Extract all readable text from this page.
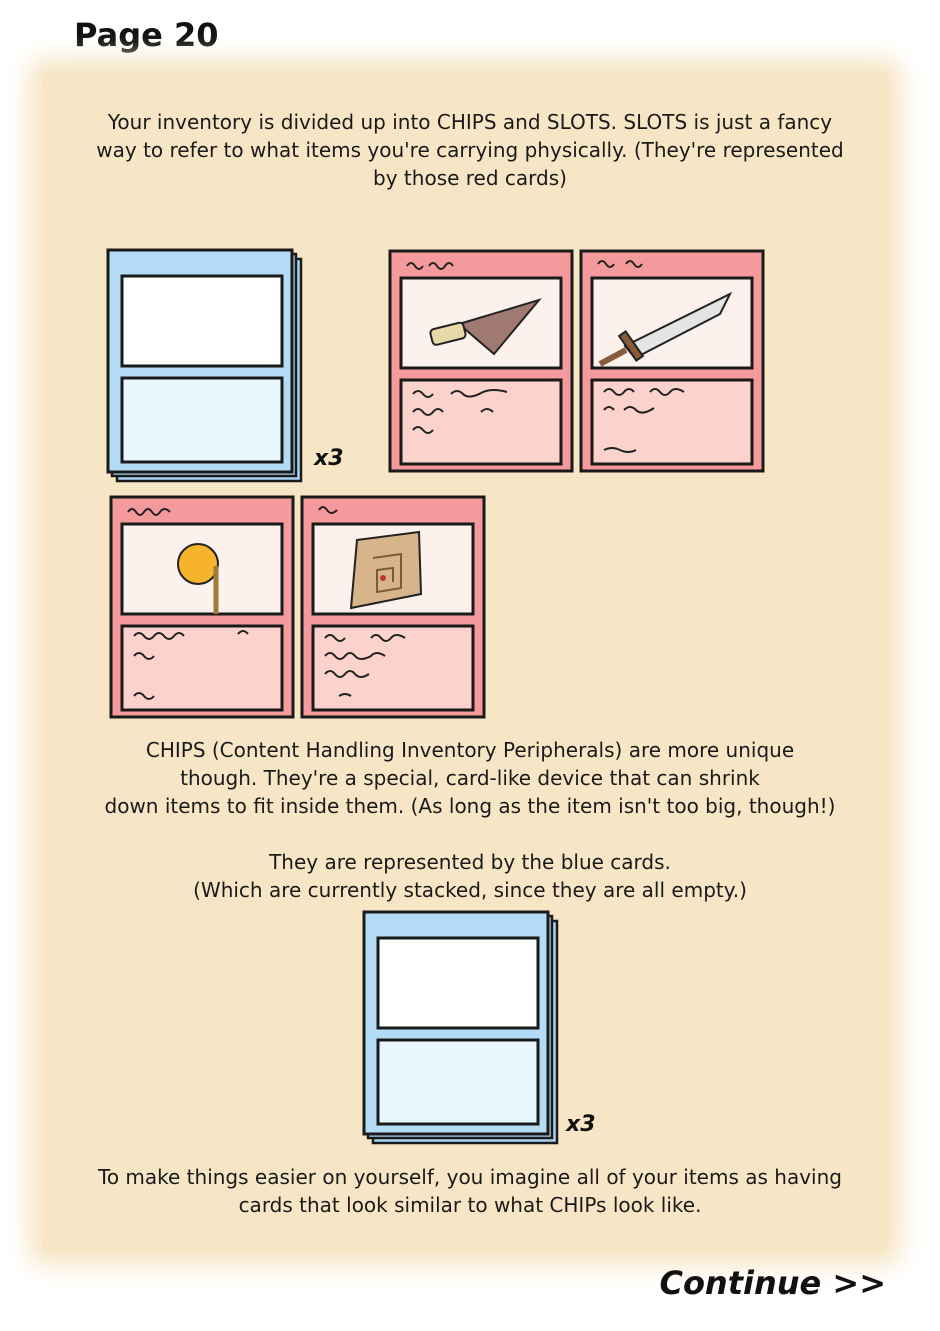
Page 20

Your inventory is divided up into CHIPS and SLOTS. SLOTS is just a fancy
way to refer to what items you're carrying physically. (They're represented
by those red cards)

x3

CHIPS (Content Handling Inventory Peripherals) are more unique
though. They're a special, card-like device that can shrink
down items to fit inside them. (As long as the item isn't too big, though!)

They are represented by the blue cards.
(Which are currently stacked, since they are all empty.)

x3

To make things easier on yourself, you imagine all of your items as having
cards that look similar to what CHIPs look like.

Continue >>
